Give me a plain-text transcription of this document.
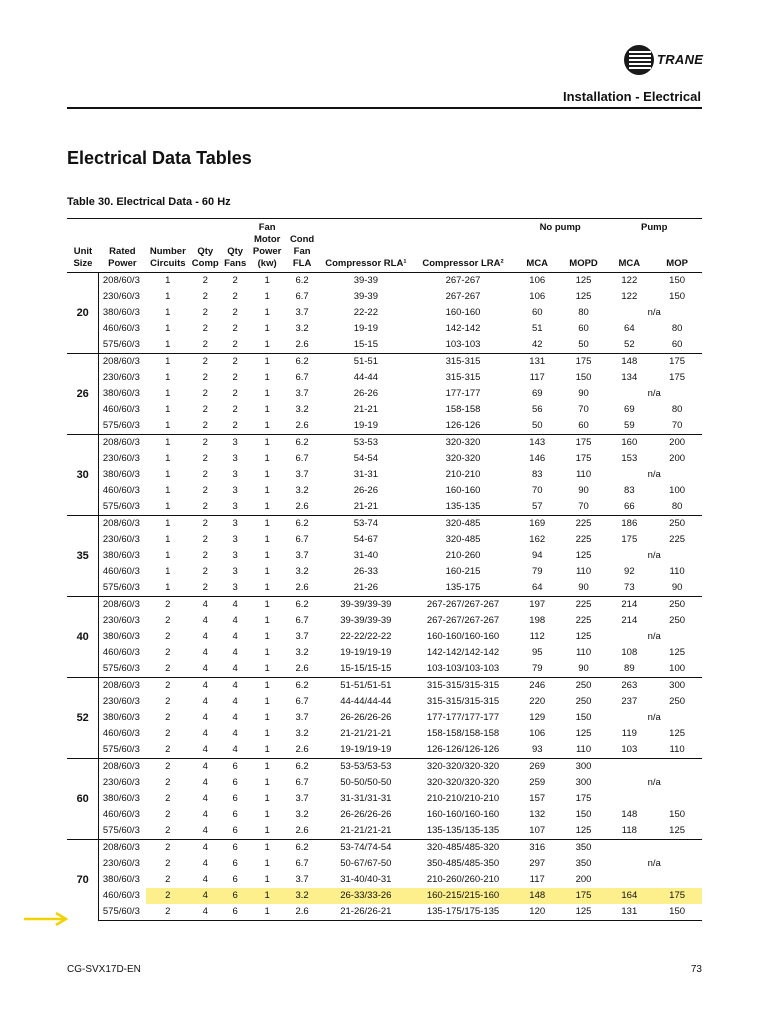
TRANE
Installation - Electrical
Electrical Data Tables
Table 30. Electrical Data - 60 Hz
Unit Size	Rated Power	Number Circuits	Qty Comp	Qty Fans	Fan Motor Power (kw)	Cond Fan FLA	Compressor RLA¹	Compressor LRA²	No pump		Pump	
									MCA	MOPD	MCA	MOP
20	208/60/3	1	2	2	1	6.2	39-39	267-267	106	125	122	150
	230/60/3	1	2	2	1	6.7	39-39	267-267	106	125	122	150
	380/60/3	1	2	2	1	3.7	22-22	160-160	60	80	n/a	
	460/60/3	1	2	2	1	3.2	19-19	142-142	51	60	64	80
	575/60/3	1	2	2	1	2.6	15-15	103-103	42	50	52	60
26	208/60/3	1	2	2	1	6.2	51-51	315-315	131	175	148	175
	230/60/3	1	2	2	1	6.7	44-44	315-315	117	150	134	175
	380/60/3	1	2	2	1	3.7	26-26	177-177	69	90	n/a	
	460/60/3	1	2	2	1	3.2	21-21	158-158	56	70	69	80
	575/60/3	1	2	2	1	2.6	19-19	126-126	50	60	59	70
30	208/60/3	1	2	3	1	6.2	53-53	320-320	143	175	160	200
	230/60/3	1	2	3	1	6.7	54-54	320-320	146	175	153	200
	380/60/3	1	2	3	1	3.7	31-31	210-210	83	110	n/a	
	460/60/3	1	2	3	1	3.2	26-26	160-160	70	90	83	100
	575/60/3	1	2	3	1	2.6	21-21	135-135	57	70	66	80
35	208/60/3	1	2	3	1	6.2	53-74	320-485	169	225	186	250
	230/60/3	1	2	3	1	6.7	54-67	320-485	162	225	175	225
	380/60/3	1	2	3	1	3.7	31-40	210-260	94	125	n/a	
	460/60/3	1	2	3	1	3.2	26-33	160-215	79	110	92	110
	575/60/3	1	2	3	1	2.6	21-26	135-175	64	90	73	90
40	208/60/3	2	4	4	1	6.2	39-39/39-39	267-267/267-267	197	225	214	250
	230/60/3	2	4	4	1	6.7	39-39/39-39	267-267/267-267	198	225	214	250
	380/60/3	2	4	4	1	3.7	22-22/22-22	160-160/160-160	112	125	n/a	
	460/60/3	2	4	4	1	3.2	19-19/19-19	142-142/142-142	95	110	108	125
	575/60/3	2	4	4	1	2.6	15-15/15-15	103-103/103-103	79	90	89	100
52	208/60/3	2	4	4	1	6.2	51-51/51-51	315-315/315-315	246	250	263	300
	230/60/3	2	4	4	1	6.7	44-44/44-44	315-315/315-315	220	250	237	250
	380/60/3	2	4	4	1	3.7	26-26/26-26	177-177/177-177	129	150	n/a	
	460/60/3	2	4	4	1	3.2	21-21/21-21	158-158/158-158	106	125	119	125
	575/60/3	2	4	4	1	2.6	19-19/19-19	126-126/126-126	93	110	103	110
60	208/60/3	2	4	6	1	6.2	53-53/53-53	320-320/320-320	269	300		
	230/60/3	2	4	6	1	6.7	50-50/50-50	320-320/320-320	259	300	n/a	
	380/60/3	2	4	6	1	3.7	31-31/31-31	210-210/210-210	157	175		
	460/60/3	2	4	6	1	3.2	26-26/26-26	160-160/160-160	132	150	148	150
	575/60/3	2	4	6	1	2.6	21-21/21-21	135-135/135-135	107	125	118	125
70	208/60/3	2	4	6	1	6.2	53-74/74-54	320-485/485-320	316	350		
	230/60/3	2	4	6	1	6.7	50-67/67-50	350-485/485-350	297	350	n/a	
	380/60/3	2	4	6	1	3.7	31-40/40-31	210-260/260-210	117	200		
	460/60/3	2	4	6	1	3.2	26-33/33-26	160-215/215-160	148	175	164	175
	575/60/3	2	4	6	1	2.6	21-26/26-21	135-175/175-135	120	125	131	150
CG-SVX17D-EN	73
